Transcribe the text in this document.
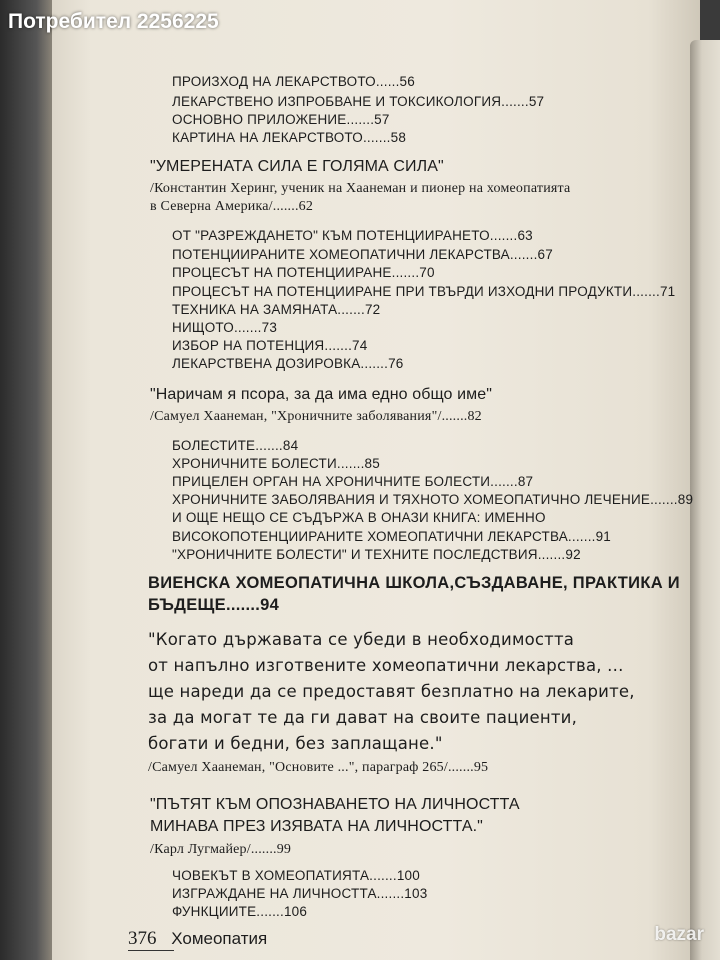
ПРОИЗХОД НА ЛЕКАРСТВОТО......56
ЛЕКАРСТВЕНО ИЗПРОБВАНЕ И ТОКСИКОЛОГИЯ.......57
ОСНОВНО ПРИЛОЖЕНИЕ.......57
КАРТИНА НА ЛЕКАРСТВОТО.......58
"УМЕРЕНАТА СИЛА Е ГОЛЯМА СИЛА"
/Константин Херинг, ученик на Хаанеман и пионер на хомеопатията
в Северна Америка/.......62
ОТ "РАЗРЕЖДАНЕТО" КЪМ ПОТЕНЦИИРАНЕТО.......63
ПОТЕНЦИИРАНИТЕ ХОМЕОПАТИЧНИ ЛЕКАРСТВА.......67
ПРОЦЕСЪТ НА ПОТЕНЦИИРАНЕ.......70
ПРОЦЕСЪТ НА ПОТЕНЦИИРАНЕ ПРИ ТВЪРДИ ИЗХОДНИ ПРОДУКТИ.......71
ТЕХНИКА НА ЗАМЯНАТА.......72
НИЩОТО.......73
ИЗБОР НА ПОТЕНЦИЯ.......74
ЛЕКАРСТВЕНА ДОЗИРОВКА.......76
"Наричам я псора, за да има едно общо име"
/Самуел Хаанеман, "Хроничните заболявания"/.......82
БОЛЕСТИТЕ.......84
ХРОНИЧНИТЕ БОЛЕСТИ.......85
ПРИЦЕЛЕН ОРГАН НА ХРОНИЧНИТЕ БОЛЕСТИ.......87
ХРОНИЧНИТЕ ЗАБОЛЯВАНИЯ И ТЯХНОТО ХОМЕОПАТИЧНО ЛЕЧЕНИЕ.......89
И ОЩЕ НЕЩО СЕ СЪДЪРЖА В ОНАЗИ КНИГА: ИМЕННО
ВИСОКОПОТЕНЦИИРАНИТЕ ХОМЕОПАТИЧНИ ЛЕКАРСТВА.......91
"ХРОНИЧНИТЕ БОЛЕСТИ" И ТЕХНИТЕ ПОСЛЕДСТВИЯ.......92
ВИЕНСКА ХОМЕОПАТИЧНА ШКОЛА,СЪЗДАВАНЕ, ПРАКТИКА И
БЪДЕЩЕ.......94
"Когато държавата се убеди в необходимостта
от напълно изготвените хомеопатични лекарства, ...
ще нареди да се предоставят безплатно на лекарите,
за да могат те да ги дават на своите пациенти,
богати и бедни, без заплащане."
/Самуел Хаанеман, "Основите ...", параграф 265/.......95
"ПЪТЯТ КЪМ ОПОЗНАВАНЕТО НА ЛИЧНОСТТА
МИНАВА ПРЕЗ ИЗЯВАТА НА ЛИЧНОСТТА."
/Карл Лугмайер/.......99
ЧОВЕКЪТ В ХОМЕОПАТИЯТА.......100
ИЗГРАЖДАНЕ НА ЛИЧНОСТТА.......103
ФУНКЦИИТЕ.......106
376 Хомеопатия
Потребител 2256225
bazar
